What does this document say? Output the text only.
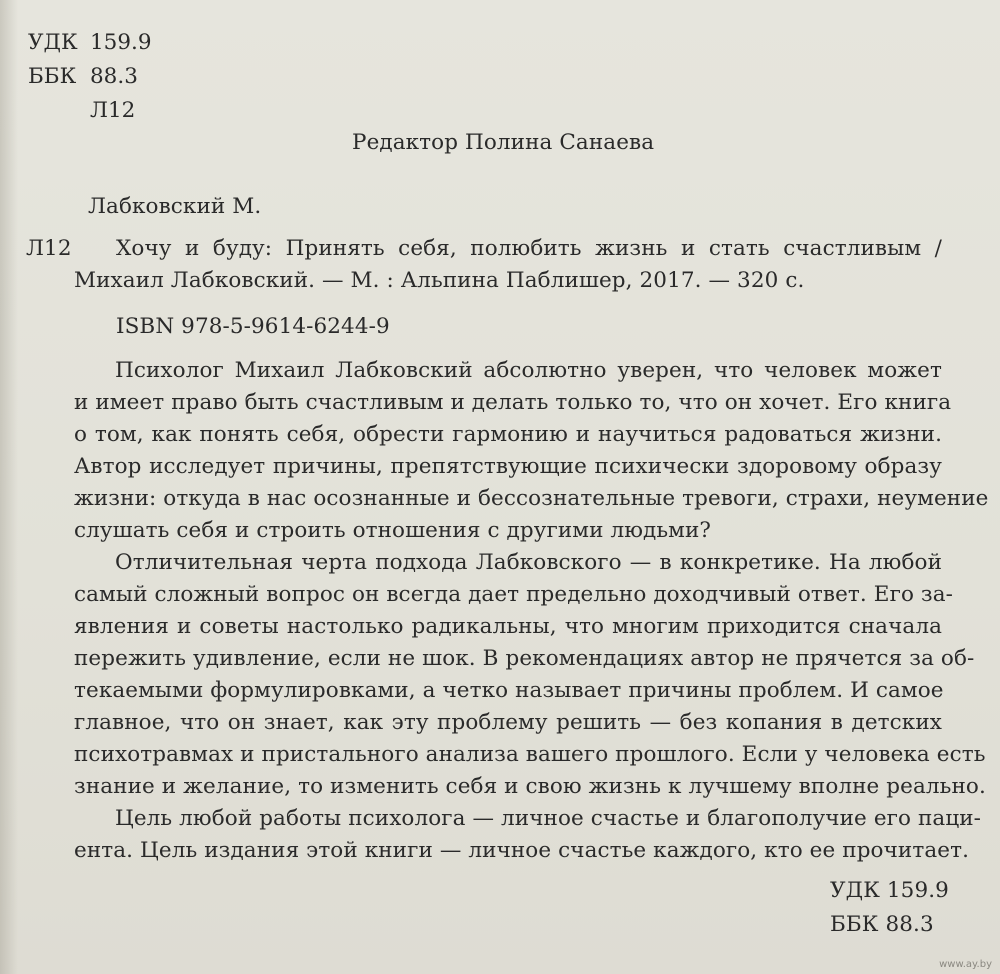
УДК 159.9
ББК 88.3
Л12
Редактор Полина Санаева
Лабковский М.
Л12 Хочу и буду: Принять себя, полюбить жизнь и стать счастливым /
Михаил Лабковский. — М. : Альпина Паблишер, 2017. — 320 с.
ISBN 978-5-9614-6244-9
Психолог Михаил Лабковский абсолютно уверен, что человек может
и имеет право быть счастливым и делать только то, что он хочет. Его книга
о том, как понять себя, обрести гармонию и научиться радоваться жизни.
Автор исследует причины, препятствующие психически здоровому образу
жизни: откуда в нас осознанные и бессознательные тревоги, страхи, неумение
слушать себя и строить отношения с другими людьми?
Отличительная черта подхода Лабковского — в конкретике. На любой
самый сложный вопрос он всегда дает предельно доходчивый ответ. Его за-
явления и советы настолько радикальны, что многим приходится сначала
пережить удивление, если не шок. В рекомендациях автор не прячется за об-
текаемыми формулировками, а четко называет причины проблем. И самое
главное, что он знает, как эту проблему решить — без копания в детских
психотравмах и пристального анализа вашего прошлого. Если у человека есть
знание и желание, то изменить себя и свою жизнь к лучшему вполне реально.
Цель любой работы психолога — личное счастье и благополучие его паци-
ента. Цель издания этой книги — личное счастье каждого, кто ее прочитает.
УДК 159.9
ББК 88.3
www.ay.by
